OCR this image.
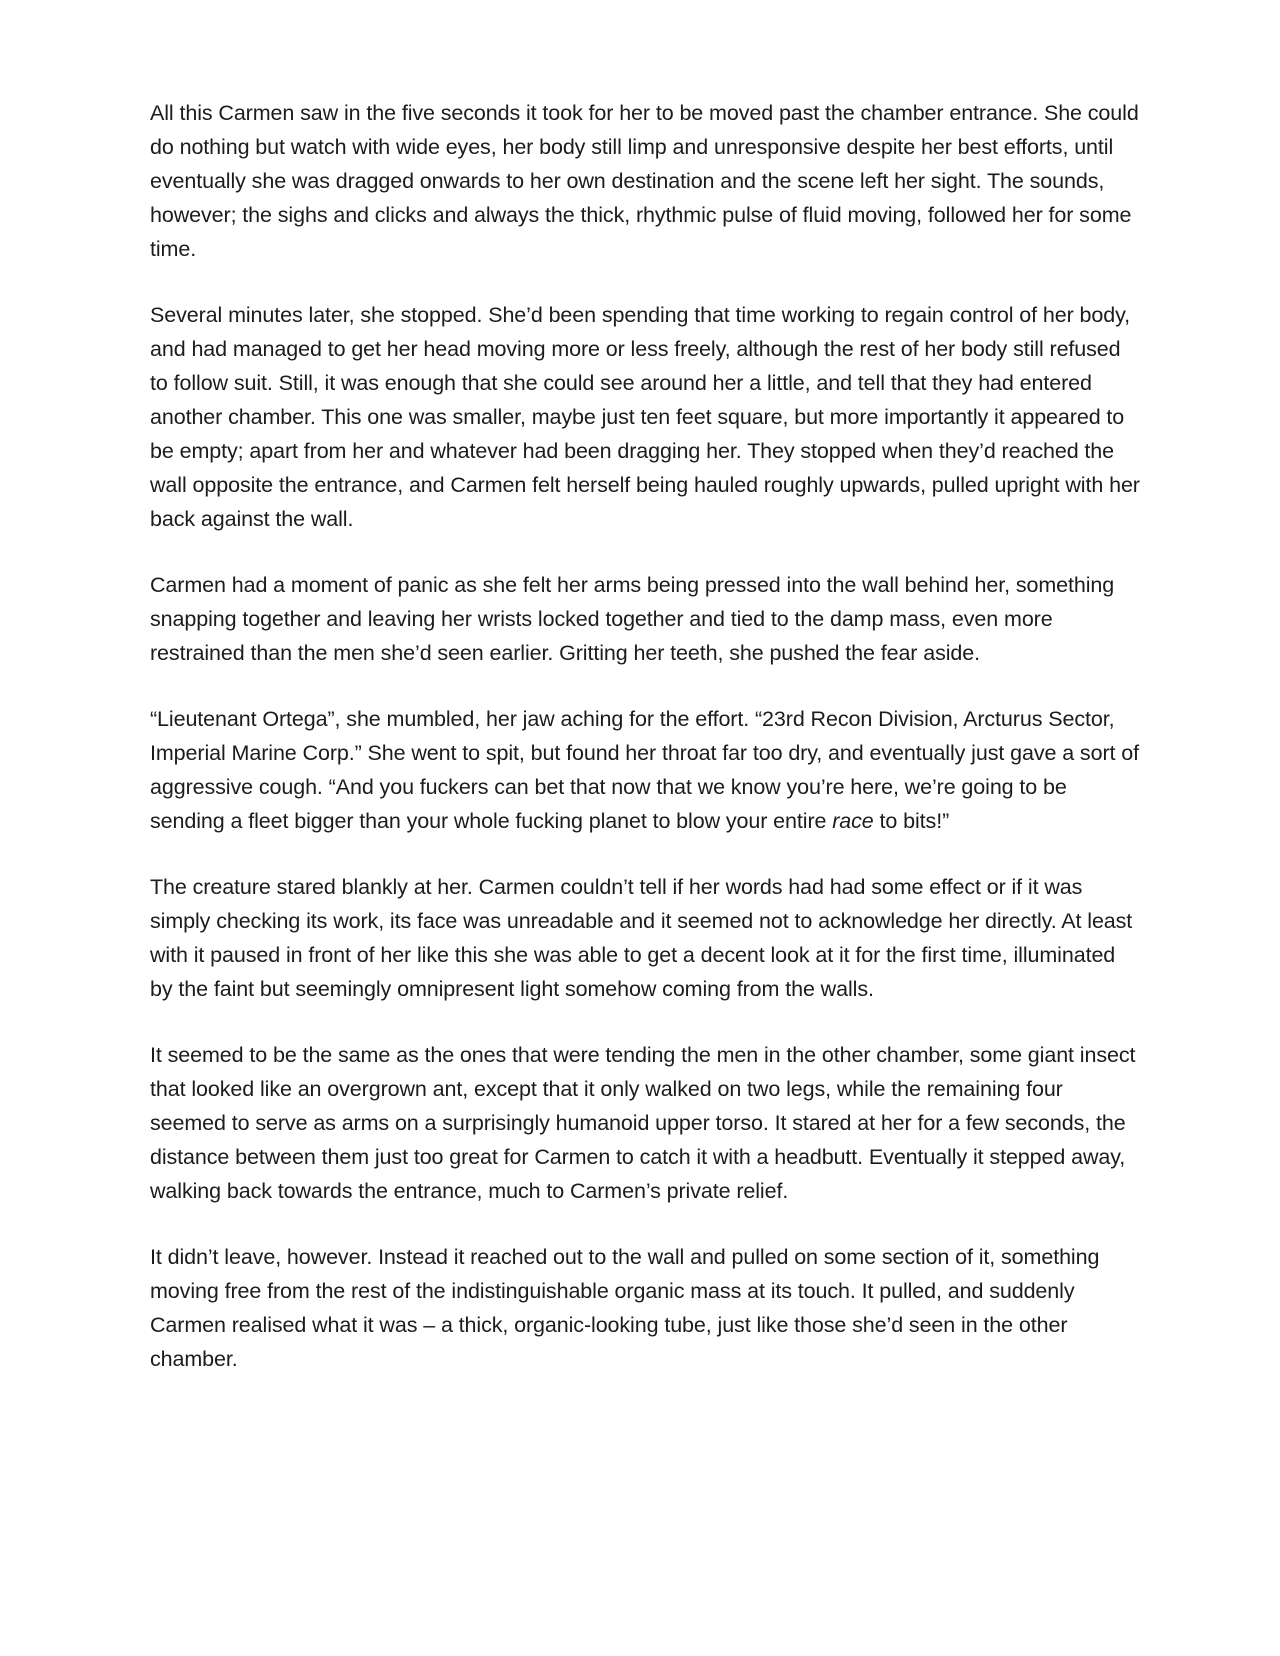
All this Carmen saw in the five seconds it took for her to be moved past the chamber entrance. She could do nothing but watch with wide eyes, her body still limp and unresponsive despite her best efforts, until eventually she was dragged onwards to her own destination and the scene left her sight. The sounds, however; the sighs and clicks and always the thick, rhythmic pulse of fluid moving, followed her for some time.

Several minutes later, she stopped. She’d been spending that time working to regain control of her body, and had managed to get her head moving more or less freely, although the rest of her body still refused to follow suit. Still, it was enough that she could see around her a little, and tell that they had entered another chamber. This one was smaller, maybe just ten feet square, but more importantly it appeared to be empty; apart from her and whatever had been dragging her. They stopped when they’d reached the wall opposite the entrance, and Carmen felt herself being hauled roughly upwards, pulled upright with her back against the wall.

Carmen had a moment of panic as she felt her arms being pressed into the wall behind her, something snapping together and leaving her wrists locked together and tied to the damp mass, even more restrained than the men she’d seen earlier. Gritting her teeth, she pushed the fear aside.

“Lieutenant Ortega”, she mumbled, her jaw aching for the effort. “23rd Recon Division, Arcturus Sector, Imperial Marine Corp.” She went to spit, but found her throat far too dry, and eventually just gave a sort of aggressive cough. “And you fuckers can bet that now that we know you’re here, we’re going to be sending a fleet bigger than your whole fucking planet to blow your entire race to bits!”

The creature stared blankly at her. Carmen couldn’t tell if her words had had some effect or if it was simply checking its work, its face was unreadable and it seemed not to acknowledge her directly. At least with it paused in front of her like this she was able to get a decent look at it for the first time, illuminated by the faint but seemingly omnipresent light somehow coming from the walls.

It seemed to be the same as the ones that were tending the men in the other chamber, some giant insect that looked like an overgrown ant, except that it only walked on two legs, while the remaining four seemed to serve as arms on a surprisingly humanoid upper torso. It stared at her for a few seconds, the distance between them just too great for Carmen to catch it with a headbutt. Eventually it stepped away, walking back towards the entrance, much to Carmen’s private relief.

It didn’t leave, however. Instead it reached out to the wall and pulled on some section of it, something moving free from the rest of the indistinguishable organic mass at its touch. It pulled, and suddenly Carmen realised what it was – a thick, organic-looking tube, just like those she’d seen in the other chamber.
